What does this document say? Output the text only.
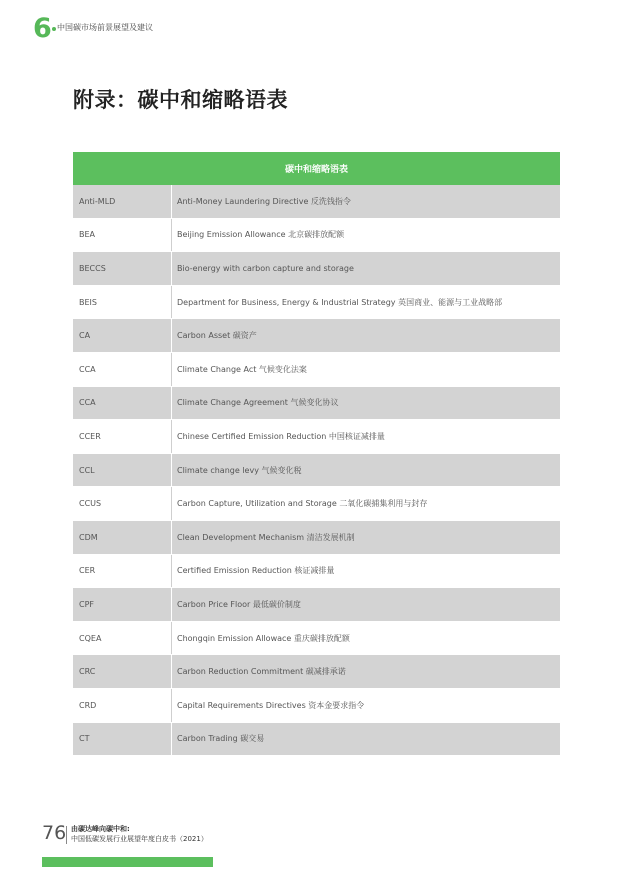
6 中国碳市场前景展望及建议
附录：碳中和缩略语表
碳中和缩略语表
Anti-MLD	Anti-Money Laundering Directive 反洗钱指令
BEA	Beijing Emission Allowance 北京碳排放配额
BECCS	Bio-energy with carbon capture and storage
BEIS	Department for Business, Energy & Industrial Strategy 英国商业、能源与工业战略部
CA	Carbon Asset 碳资产
CCA	Climate Change Act 气候变化法案
CCA	Climate Change Agreement 气候变化协议
CCER	Chinese Certified Emission Reduction 中国核证减排量
CCL	Climate change levy 气候变化税
CCUS	Carbon Capture, Utilization and Storage 二氧化碳捕集利用与封存
CDM	Clean Development Mechanism 清洁发展机制
CER	Certified Emission Reduction 核证减排量
CPF	Carbon Price Floor 最低碳价制度
CQEA	Chongqin Emission Allowace 重庆碳排放配额
CRC	Carbon Reduction Commitment 碳减排承诺
CRD	Capital Requirements Directives 资本金要求指令
CT	Carbon Trading 碳交易
76 由碳达峰向碳中和:
中国低碳发展行业展望年度白皮书（2021）
